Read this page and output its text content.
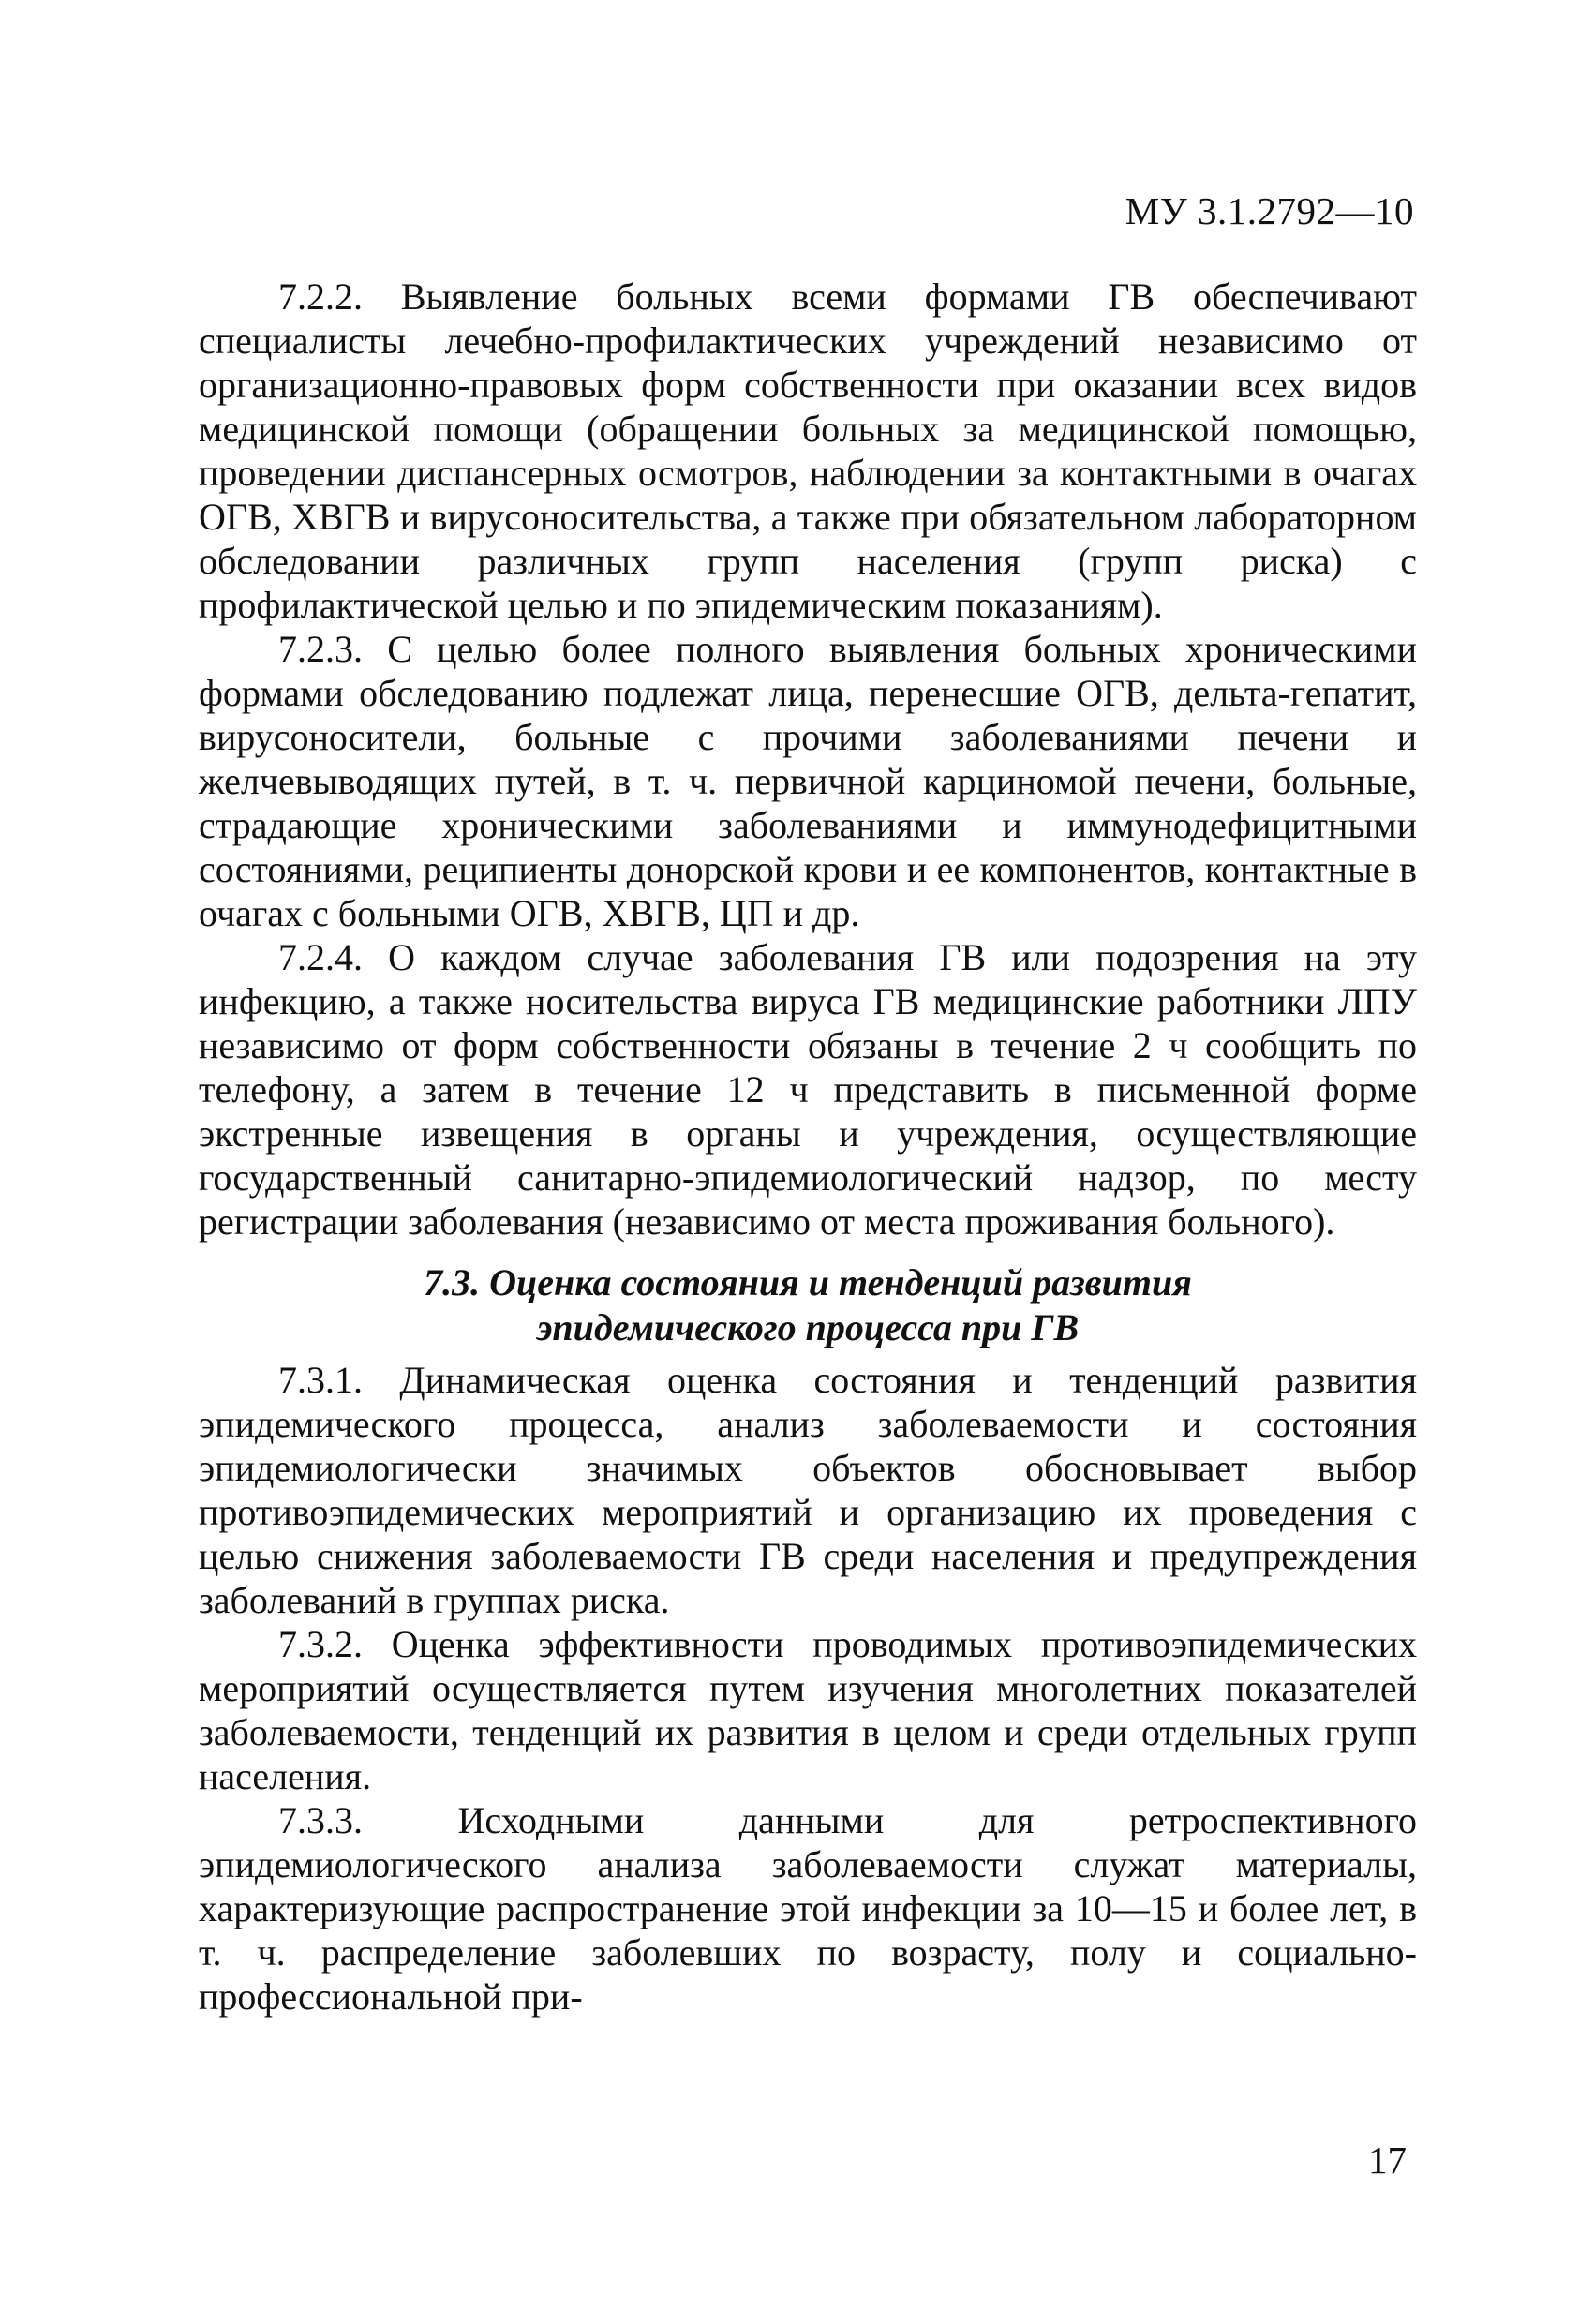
МУ 3.1.2792—10

7.2.2. Выявление больных всеми формами ГВ обеспечивают специалисты лечебно-профилактических учреждений независимо от организационно-правовых форм собственности при оказании всех видов медицинской помощи (обращении больных за медицинской помощью, проведении диспансерных осмотров, наблюдении за контактными в очагах ОГВ, ХВГВ и вирусоносительства, а также при обязательном лабораторном обследовании различных групп населения (групп риска) с профилактической целью и по эпидемическим показаниям).

7.2.3. С целью более полного выявления больных хроническими формами обследованию подлежат лица, перенесшие ОГВ, дельта-гепатит, вирусоносители, больные с прочими заболеваниями печени и желчевыводящих путей, в т. ч. первичной карциномой печени, больные, страдающие хроническими заболеваниями и иммунодефицитными состояниями, реципиенты донорской крови и ее компонентов, контактные в очагах с больными ОГВ, ХВГВ, ЦП и др.

7.2.4. О каждом случае заболевания ГВ или подозрения на эту инфекцию, а также носительства вируса ГВ медицинские работники ЛПУ независимо от форм собственности обязаны в течение 2 ч сообщить по телефону, а затем в течение 12 ч представить в письменной форме экстренные извещения в органы и учреждения, осуществляющие государственный санитарно-эпидемиологический надзор, по месту регистрации заболевания (независимо от места проживания больного).

7.3. Оценка состояния и тенденций развития
эпидемического процесса при ГВ

7.3.1. Динамическая оценка состояния и тенденций развития эпидемического процесса, анализ заболеваемости и состояния эпидемиологически значимых объектов обосновывает выбор противоэпидемических мероприятий и организацию их проведения с целью снижения заболеваемости ГВ среди населения и предупреждения заболеваний в группах риска.

7.3.2. Оценка эффективности проводимых противоэпидемических мероприятий осуществляется путем изучения многолетних показателей заболеваемости, тенденций их развития в целом и среди отдельных групп населения.

7.3.3. Исходными данными для ретроспективного эпидемиологического анализа заболеваемости служат материалы, характеризующие распространение этой инфекции за 10—15 и более лет, в т. ч. распределение заболевших по возрасту, полу и социально-профессиональной при-

17
